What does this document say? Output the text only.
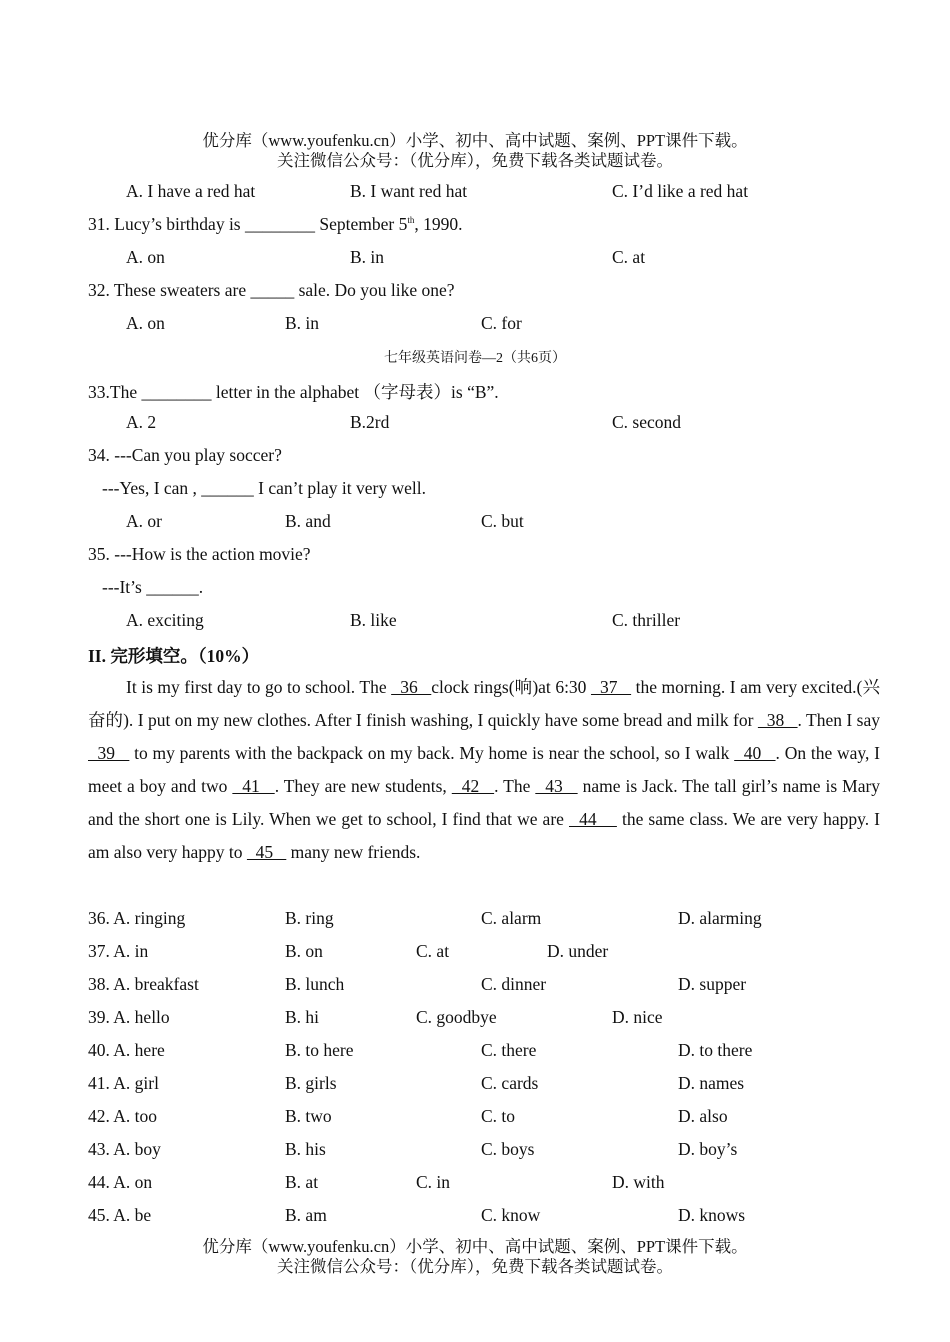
优分库（www.youfenku.cn）小学、初中、高中试题、案例、PPT课件下载。
关注微信公众号：（优分库），免费下载各类试题试卷。
A. I have a red hat	B. I want red hat	C. I’d like a red hat
31. Lucy’s birthday is ________ September 5th, 1990.
A. on	B. in	C. at
32. These sweaters are _____ sale. Do you like one?
A. on	B. in	C. for
七年级英语问卷—2（共6页）
33.The ________ letter in the alphabet （字母表）is “B”.
A. 2	B.2rd	C. second
34. ---Can you play soccer?
---Yes, I can , ______ I can’t play it very well.
A. or	B. and	C. but
35. ---How is the action movie?
---It’s ______.
A. exciting	B. like	C. thriller
II. 完形填空。（10%）
It is my first day to go to school. The   36   clock rings(响)at 6:30   37    the morning. I am very excited.(兴奋的). I put on my new clothes. After I finish washing, I quickly have some bread and milk for   38   . Then I say   39    to my parents with the backpack on my back. My home is near the school, so I walk   40   . On the way, I meet a boy and two   41   . They are new students,   42   . The   43    name is Jack. The tall girl’s name is Mary and the short one is Lily. When we get to school, I find that we are   44     the same class. We are very happy. I am also very happy to   45    many new friends.
36. A. ringing	B. ring	C. alarm	D. alarming
37. A. in	B. on	C. at	D. under
38. A. breakfast	B. lunch	C. dinner	D. supper
39. A. hello	B. hi	C. goodbye	D. nice
40. A. here	B. to here	C. there	D. to there
41. A. girl	B. girls	C. cards	D. names
42. A. too	B. two	C. to	D. also
43. A. boy	B. his	C. boys	D. boy’s
44. A. on	B. at	C. in	D. with
45. A. be	B. am	C. know	D. knows
优分库（www.youfenku.cn）小学、初中、高中试题、案例、PPT课件下载。
关注微信公众号：（优分库），免费下载各类试题试卷。
